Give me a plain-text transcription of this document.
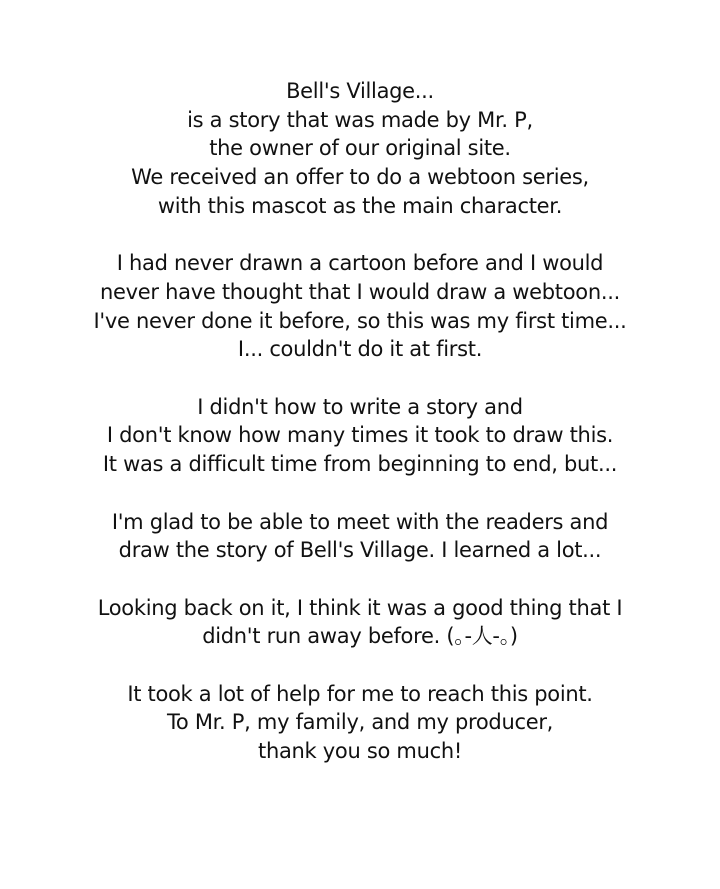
Bell's Village...
is a story that was made by Mr. P,
the owner of our original site.
We received an offer to do a webtoon series,
with this mascot as the main character.

I had never drawn a cartoon before and I would
never have thought that I would draw a webtoon...
I've never done it before, so this was my first time...
I... couldn't do it at first.

I didn't how to write a story and
I don't know how many times it took to draw this.
It was a difficult time from beginning to end, but...

I'm glad to be able to meet with the readers and
draw the story of Bell's Village. I learned a lot...

Looking back on it, I think it was a good thing that I
didn't run away before. (｡-人-｡)

It took a lot of help for me to reach this point.
To Mr. P, my family, and my producer,
thank you so much!
